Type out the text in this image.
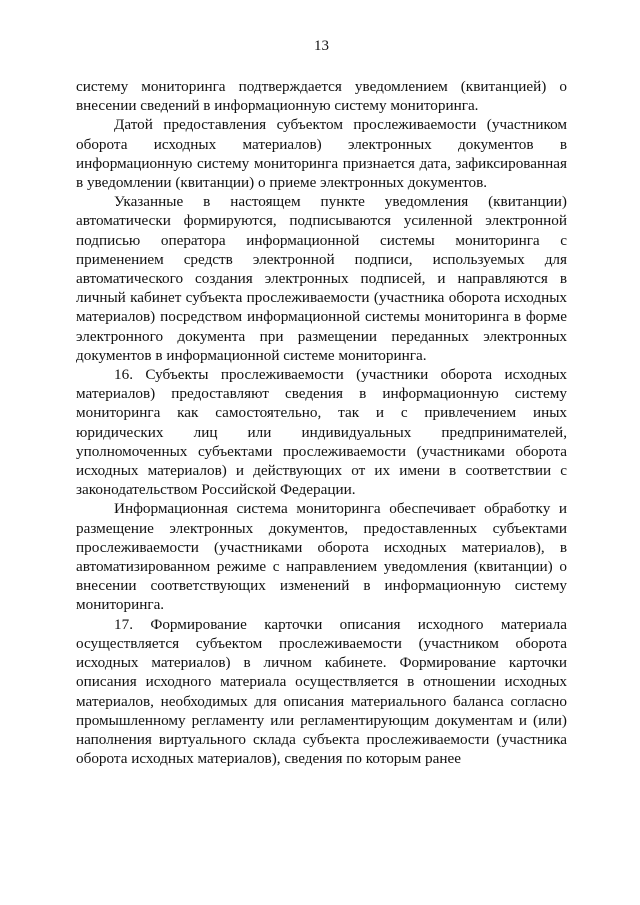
13

систему мониторинга подтверждается уведомлением (квитанцией) о внесении сведений в информационную систему мониторинга.

Датой предоставления субъектом прослеживаемости (участником оборота исходных материалов) электронных документов в информационную систему мониторинга признается дата, зафиксированная в уведомлении (квитанции) о приеме электронных документов.

Указанные в настоящем пункте уведомления (квитанции) автоматически формируются, подписываются усиленной электронной подписью оператора информационной системы мониторинга с применением средств электронной подписи, используемых для автоматического создания электронных подписей, и направляются в личный кабинет субъекта прослеживаемости (участника оборота исходных материалов) посредством информационной системы мониторинга в форме электронного документа при размещении переданных электронных документов в информационной системе мониторинга.

16. Субъекты прослеживаемости (участники оборота исходных материалов) предоставляют сведения в информационную систему мониторинга как самостоятельно, так и с привлечением иных юридических лиц или индивидуальных предпринимателей, уполномоченных субъектами прослеживаемости (участниками оборота исходных материалов) и действующих от их имени в соответствии с законодательством Российской Федерации.

Информационная система мониторинга обеспечивает обработку и размещение электронных документов, предоставленных субъектами прослеживаемости (участниками оборота исходных материалов), в автоматизированном режиме с направлением уведомления (квитанции) о внесении соответствующих изменений в информационную систему мониторинга.

17. Формирование карточки описания исходного материала осуществляется субъектом прослеживаемости (участником оборота исходных материалов) в личном кабинете. Формирование карточки описания исходного материала осуществляется в отношении исходных материалов, необходимых для описания материального баланса согласно промышленному регламенту или регламентирующим документам и (или) наполнения виртуального склада субъекта прослеживаемости (участника оборота исходных материалов), сведения по которым ранее
